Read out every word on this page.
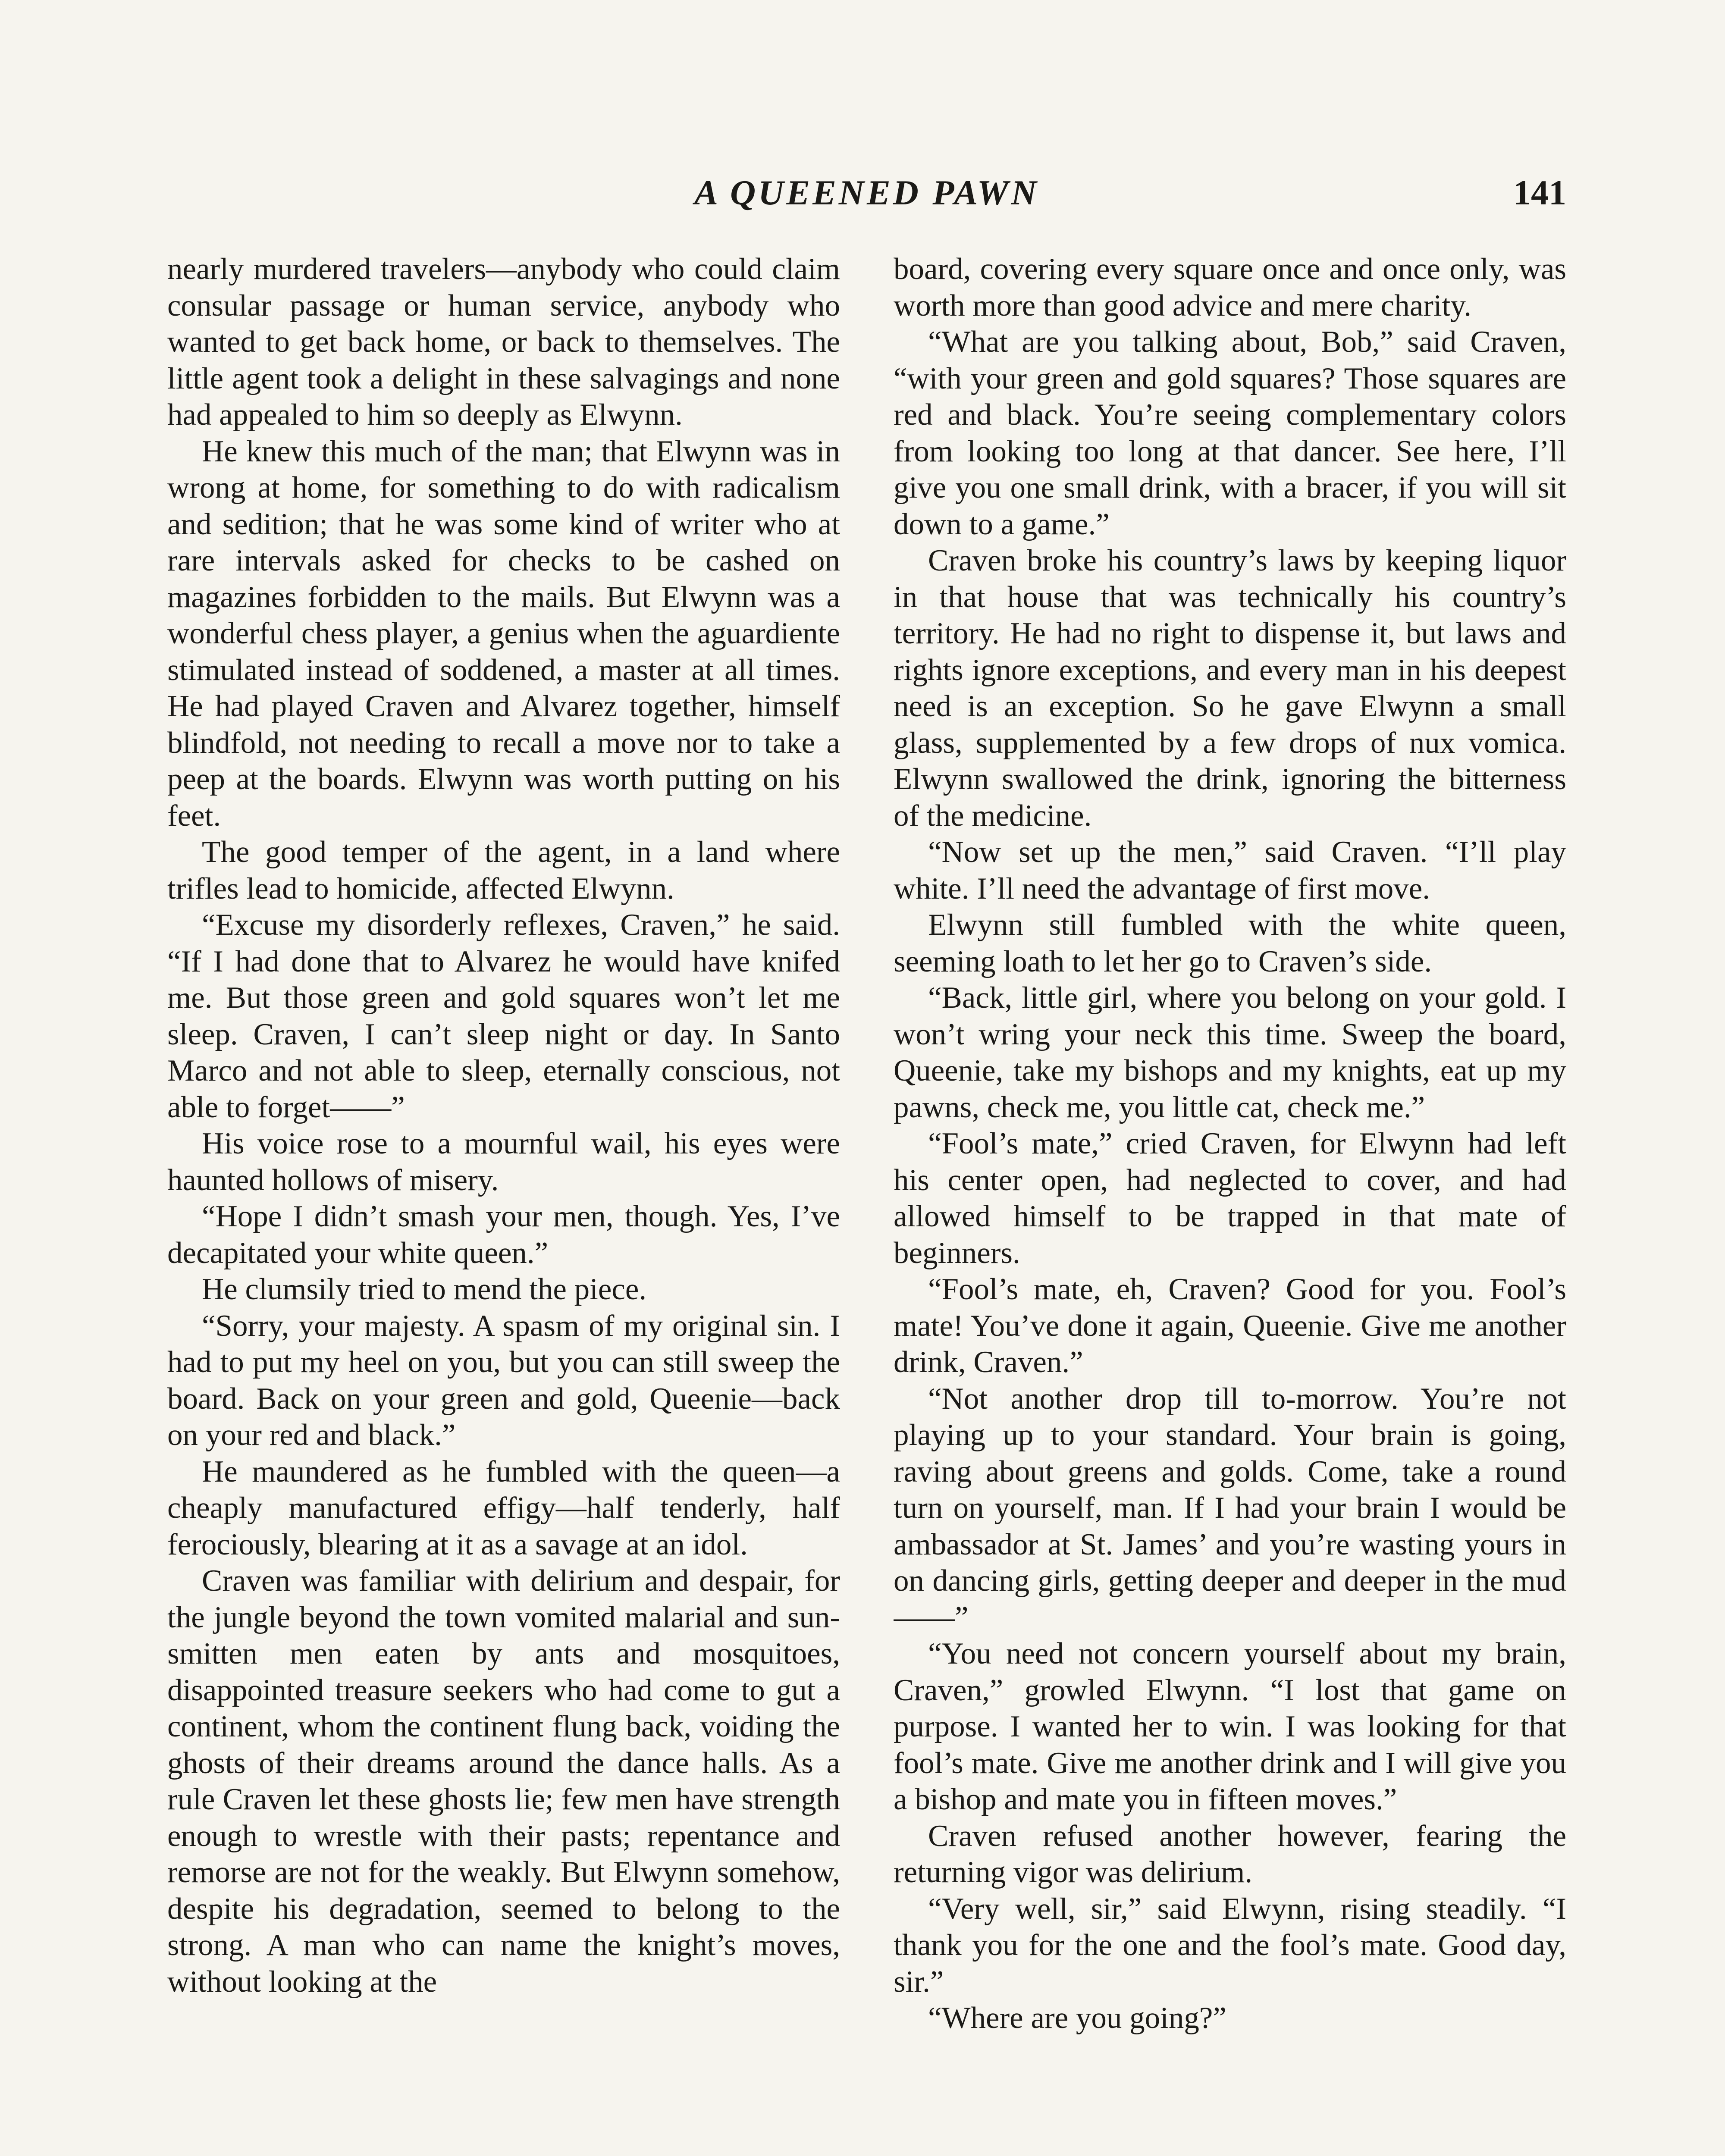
A QUEENED PAWN	141

nearly murdered travelers—anybody who could claim consular passage or human service, anybody who wanted to get back home, or back to themselves. The little agent took a delight in these salvagings and none had appealed to him so deeply as Elwynn.

He knew this much of the man; that Elwynn was in wrong at home, for something to do with radicalism and sedition; that he was some kind of writer who at rare intervals asked for checks to be cashed on magazines forbidden to the mails. But Elwynn was a wonderful chess player, a genius when the aguardiente stimulated instead of soddened, a master at all times. He had played Craven and Alvarez together, himself blindfold, not needing to recall a move nor to take a peep at the boards. Elwynn was worth putting on his feet.

The good temper of the agent, in a land where trifles lead to homicide, affected Elwynn.

“Excuse my disorderly reflexes, Craven,” he said. “If I had done that to Alvarez he would have knifed me. But those green and gold squares won’t let me sleep. Craven, I can’t sleep night or day. In Santo Marco and not able to sleep, eternally conscious, not able to forget——”

His voice rose to a mournful wail, his eyes were haunted hollows of misery.

“Hope I didn’t smash your men, though. Yes, I’ve decapitated your white queen.”

He clumsily tried to mend the piece.

“Sorry, your majesty. A spasm of my original sin. I had to put my heel on you, but you can still sweep the board. Back on your green and gold, Queenie—back on your red and black.”

He maundered as he fumbled with the queen—a cheaply manufactured effigy—half tenderly, half ferociously, blearing at it as a savage at an idol.

Craven was familiar with delirium and despair, for the jungle beyond the town vomited malarial and sun-smitten men eaten by ants and mosquitoes, disappointed treasure seekers who had come to gut a continent, whom the continent flung back, voiding the ghosts of their dreams around the dance halls. As a rule Craven let these ghosts lie; few men have strength enough to wrestle with their pasts; repentance and remorse are not for the weakly. But Elwynn somehow, despite his degradation, seemed to belong to the strong. A man who can name the knight’s moves, without looking at the

board, covering every square once and once only, was worth more than good advice and mere charity.

“What are you talking about, Bob,” said Craven, “with your green and gold squares? Those squares are red and black. You’re seeing complementary colors from looking too long at that dancer. See here, I’ll give you one small drink, with a bracer, if you will sit down to a game.”

Craven broke his country’s laws by keeping liquor in that house that was technically his country’s territory. He had no right to dispense it, but laws and rights ignore exceptions, and every man in his deepest need is an exception. So he gave Elwynn a small glass, supplemented by a few drops of nux vomica. Elwynn swallowed the drink, ignoring the bitterness of the medicine.

“Now set up the men,” said Craven. “I’ll play white. I’ll need the advantage of first move.

Elwynn still fumbled with the white queen, seeming loath to let her go to Craven’s side.

“Back, little girl, where you belong on your gold. I won’t wring your neck this time. Sweep the board, Queenie, take my bishops and my knights, eat up my pawns, check me, you little cat, check me.”

“Fool’s mate,” cried Craven, for Elwynn had left his center open, had neglected to cover, and had allowed himself to be trapped in that mate of beginners.

“Fool’s mate, eh, Craven? Good for you. Fool’s mate! You’ve done it again, Queenie. Give me another drink, Craven.”

“Not another drop till to-morrow. You’re not playing up to your standard. Your brain is going, raving about greens and golds. Come, take a round turn on yourself, man. If I had your brain I would be ambassador at St. James’ and you’re wasting yours in on dancing girls, getting deeper and deeper in the mud——”

“You need not concern yourself about my brain, Craven,” growled Elwynn. “I lost that game on purpose. I wanted her to win. I was looking for that fool’s mate. Give me another drink and I will give you a bishop and mate you in fifteen moves.”

Craven refused another however, fearing the returning vigor was delirium.

“Very well, sir,” said Elwynn, rising steadily. “I thank you for the one and the fool’s mate. Good day, sir.”

“Where are you going?”
